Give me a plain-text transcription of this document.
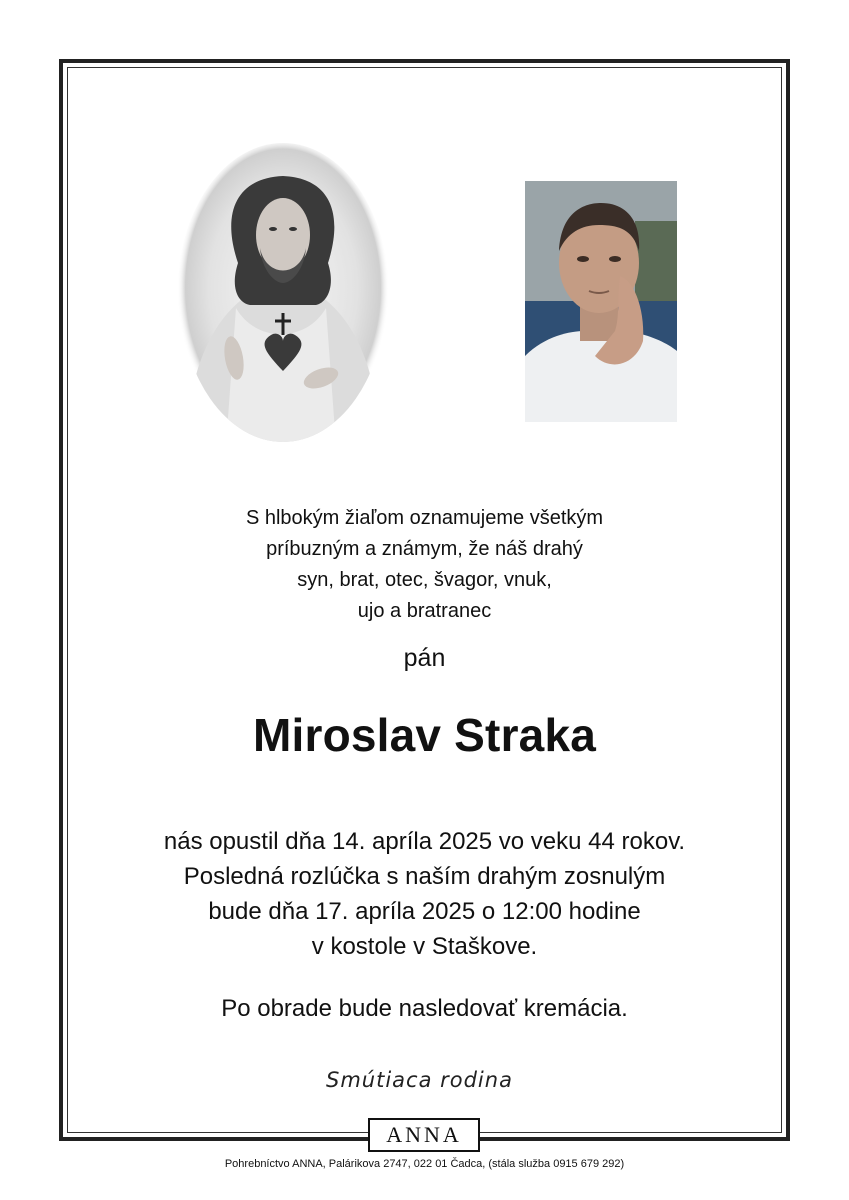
S hlbokým žiaľom oznamujeme všetkým
príbuzným a známym, že náš drahý
syn, brat, otec, švagor, vnuk,
ujo a bratranec
pán
Miroslav Straka
nás opustil dňa 14. apríla 2025 vo veku 44 rokov.
Posledná rozlúčka s naším drahým zosnulým
bude dňa 17. apríla 2025 o 12:00 hodine
v kostole v Staškove.
Po obrade bude nasledovať kremácia.
Smútiaca rodina
ANNA
Pohrebníctvo ANNA, Palárikova 2747, 022 01 Čadca, (stála služba 0915 679 292)
